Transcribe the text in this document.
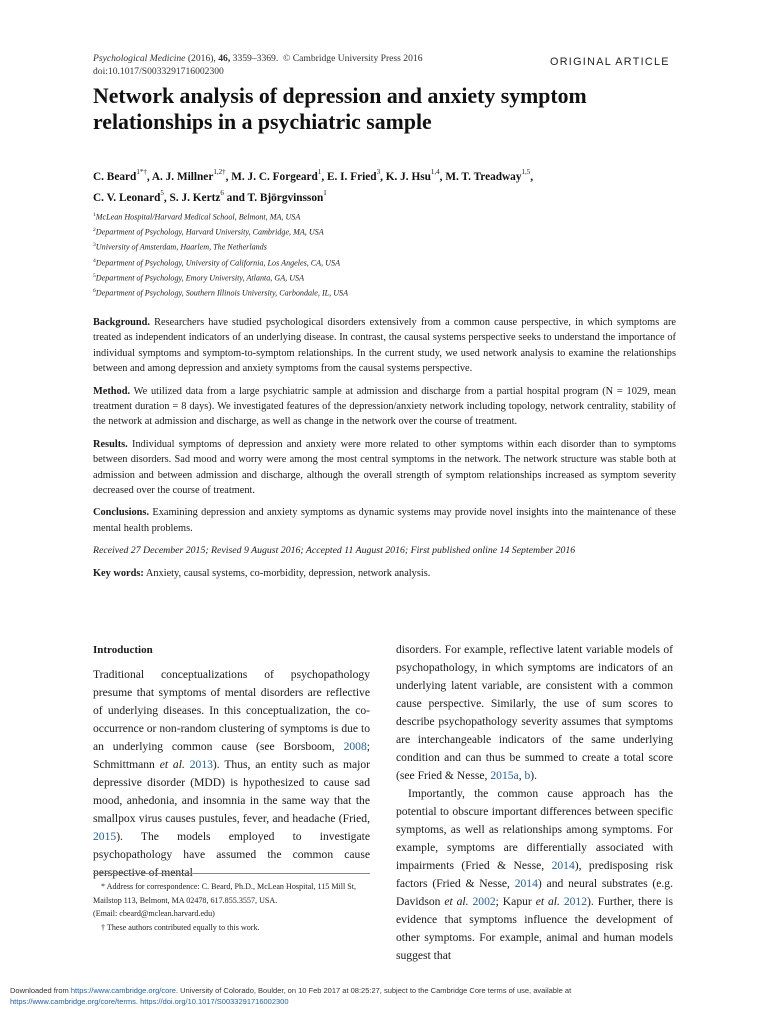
Psychological Medicine (2016), 46, 3359–3369. © Cambridge University Press 2016
doi:10.1017/S0033291716002300
ORIGINAL ARTICLE
Network analysis of depression and anxiety symptom relationships in a psychiatric sample
C. Beard$^{1*\dagger}$, A. J. Millner$^{1,2\dagger}$, M. J. C. Forgeard$^1$, E. I. Fried$^3$, K. J. Hsu$^{1,4}$, M. T. Treadway$^{1,5}$,
C. V. Leonard$^5$, S. J. Kertz$^6$ and T. Björgvinsson$^1$
$^1$McLean Hospital/Harvard Medical School, Belmont, MA, USA
$^2$Department of Psychology, Harvard University, Cambridge, MA, USA
$^3$University of Amsterdam, Haarlem, The Netherlands
$^4$Department of Psychology, University of California, Los Angeles, CA, USA
$^5$Department of Psychology, Emory University, Atlanta, GA, USA
$^6$Department of Psychology, Southern Illinois University, Carbondale, IL, USA

Background. Researchers have studied psychological disorders extensively from a common cause perspective, in which symptoms are treated as independent indicators of an underlying disease. In contrast, the causal systems perspective seeks to understand the importance of individual symptoms and symptom-to-symptom relationships. In the current study, we used network analysis to examine the relationships between and among depression and anxiety symptoms from the causal systems perspective.

Method. We utilized data from a large psychiatric sample at admission and discharge from a partial hospital program (N = 1029, mean treatment duration = 8 days). We investigated features of the depression/anxiety network including topology, network centrality, stability of the network at admission and discharge, as well as change in the network over the course of treatment.

Results. Individual symptoms of depression and anxiety were more related to other symptoms within each disorder than to symptoms between disorders. Sad mood and worry were among the most central symptoms in the network. The network structure was stable both at admission and between admission and discharge, although the overall strength of symptom relationships increased as symptom severity decreased over the course of treatment.

Conclusions. Examining depression and anxiety symptoms as dynamic systems may provide novel insights into the maintenance of these mental health problems.

Received 27 December 2015; Revised 9 August 2016; Accepted 11 August 2016; First published online 14 September 2016

Key words: Anxiety, causal systems, co-morbidity, depression, network analysis.

Introduction

Traditional conceptualizations of psychopathology presume that symptoms of mental disorders are reflective of underlying diseases. In this conceptualization, the co-occurrence or non-random clustering of symptoms is due to an underlying common cause (see Borsboom, 2008; Schmittmann et al. 2013). Thus, an entity such as major depressive disorder (MDD) is hypothesized to cause sad mood, anhedonia, and insomnia in the same way that the smallpox virus causes pustules, fever, and headache (Fried, 2015). The models employed to investigate psychopathology have assumed the common cause perspective of mental

disorders. For example, reflective latent variable models of psychopathology, in which symptoms are indicators of an underlying latent variable, are consistent with a common cause perspective. Similarly, the use of sum scores to describe psychopathology severity assumes that symptoms are interchangeable indicators of the same underlying condition and can thus be summed to create a total score (see Fried & Nesse, 2015a, b).

Importantly, the common cause approach has the potential to obscure important differences between specific symptoms, as well as relationships among symptoms. For example, symptoms are differentially associated with impairments (Fried & Nesse, 2014), predisposing risk factors (Fried & Nesse, 2014) and neural substrates (e.g. Davidson et al. 2002; Kapur et al. 2012). Further, there is evidence that symptoms influence the development of other symptoms. For example, animal and human models suggest that

* Address for correspondence: C. Beard, Ph.D., McLean Hospital, 115 Mill St, Mailstop 113, Belmont, MA 02478, 617.855.3557, USA.

(Email: cbeard@mclean.harvard.edu)

† These authors contributed equally to this work.

Downloaded from https://www.cambridge.org/core. University of Colorado, Boulder, on 10 Feb 2017 at 08:25:27, subject to the Cambridge Core terms of use, available at
https://www.cambridge.org/core/terms. https://doi.org/10.1017/S0033291716002300
